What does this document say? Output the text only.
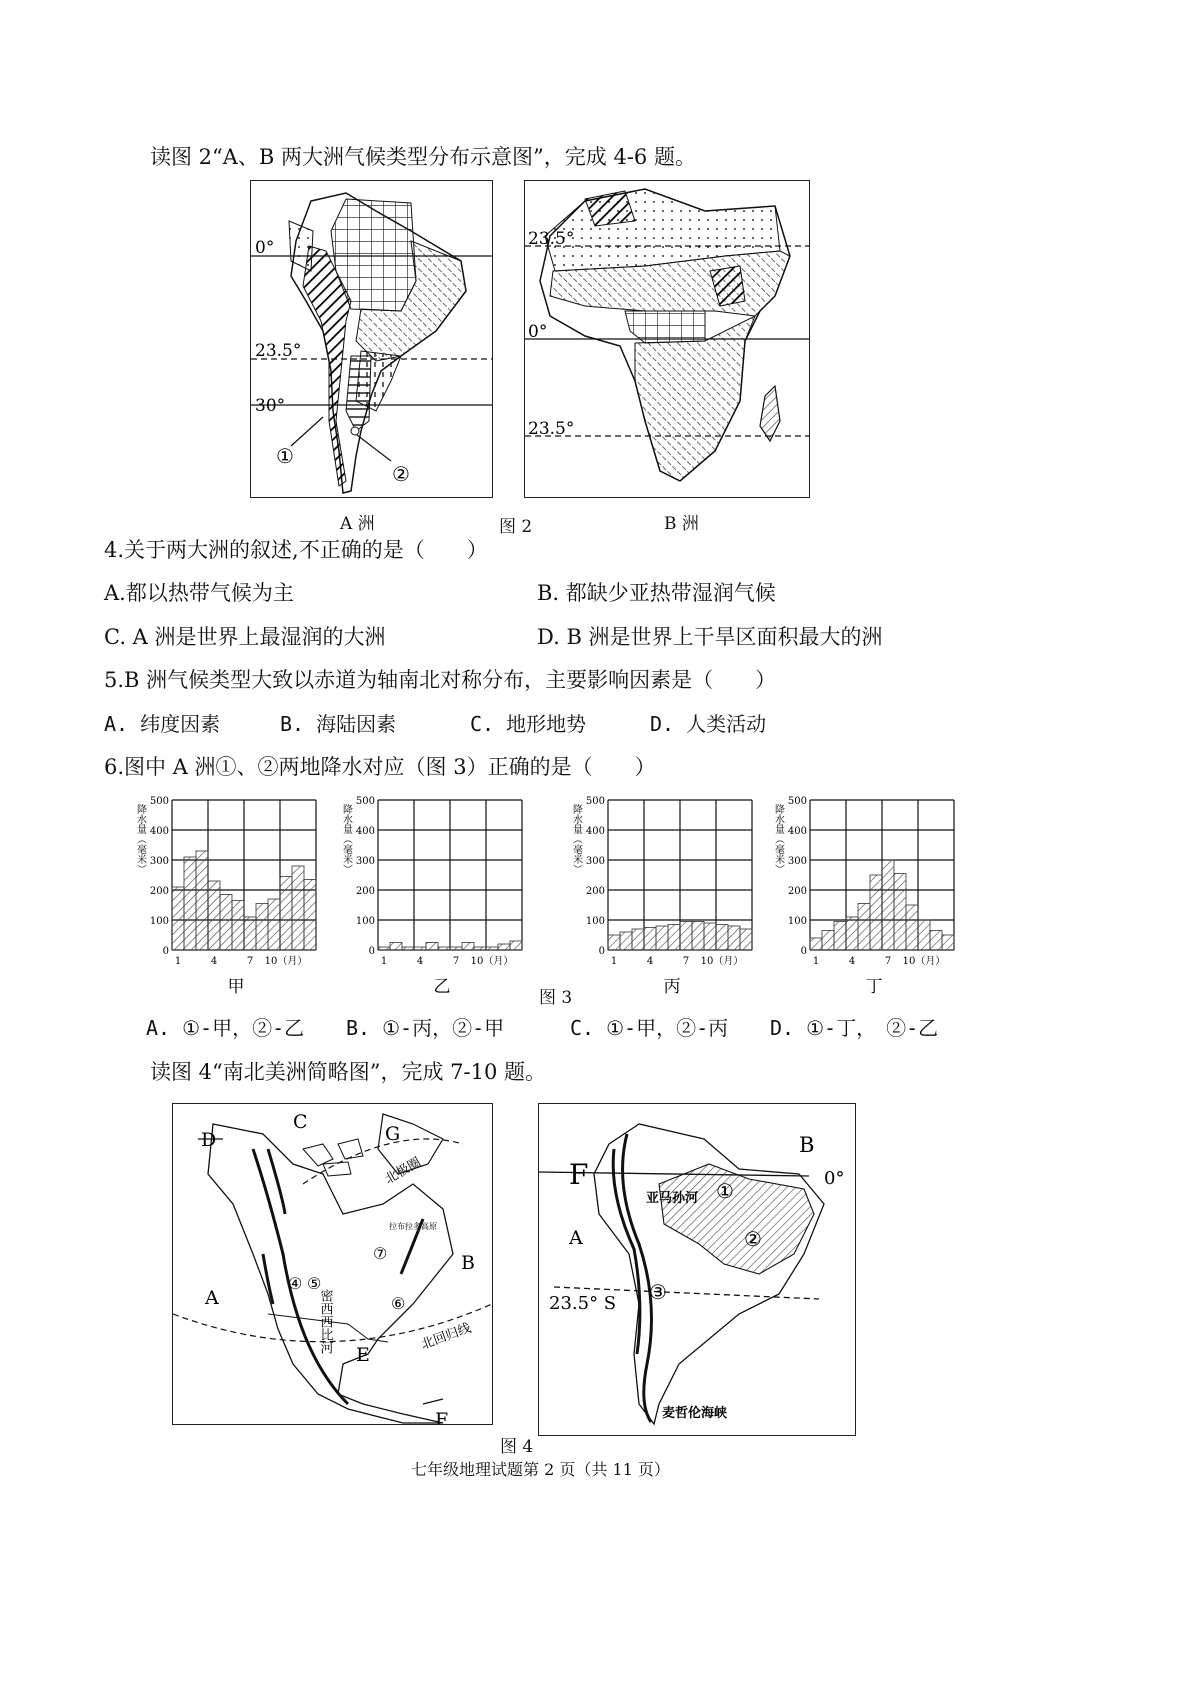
读图 2“A、B 两大洲气候类型分布示意图”，完成 4-6 题。
0°
23.5°
30°
①
②
A 洲	图 2
23.5°
0°
23.5°
B 洲
4.关于两大洲的叙述,不正确的是（　　）
A.都以热带气候为主	B. 都缺少亚热带湿润气候
C. A 洲是世界上最湿润的大洲	D. B 洲是世界上干旱区面积最大的洲
5.B 洲气候类型大致以赤道为轴南北对称分布，主要影响因素是（　　）
A. 纬度因素	B. 海陆因素	C. 地形地势	D. 人类活动
6.图中 A 洲①、②两地降水对应（图 3）正确的是（　　）
500
400
300
200
100
0
降水量（毫米）
1	4	7 10（月）
甲
500
400
300
200
100
0
降水量（毫米）
1	4	7 10（月）
乙
500
400
300
200
100
0
降水量（毫米）
1	4	7 10（月）
丙
500
400
300
200
100
0
降水量（毫米）
1	4	7 10（月）
丁
图 3
A. ①-甲，②-乙 B. ①-丙，②-甲	C. ①-甲，②-丙 D. ①-丁，　②-乙
读图 4“南北美洲简略图”，完成 7-10 题。
A
B
C
D
E
F
G
北极圈
北回归线
拉布拉多高原
密西西比河
④ ⑤
⑥
⑦
F
B
A
0°
23.5° S
亚马孙河
麦哲伦海峡
①
②
③
图 4
七年级地理试题第 2 页（共 11 页）
